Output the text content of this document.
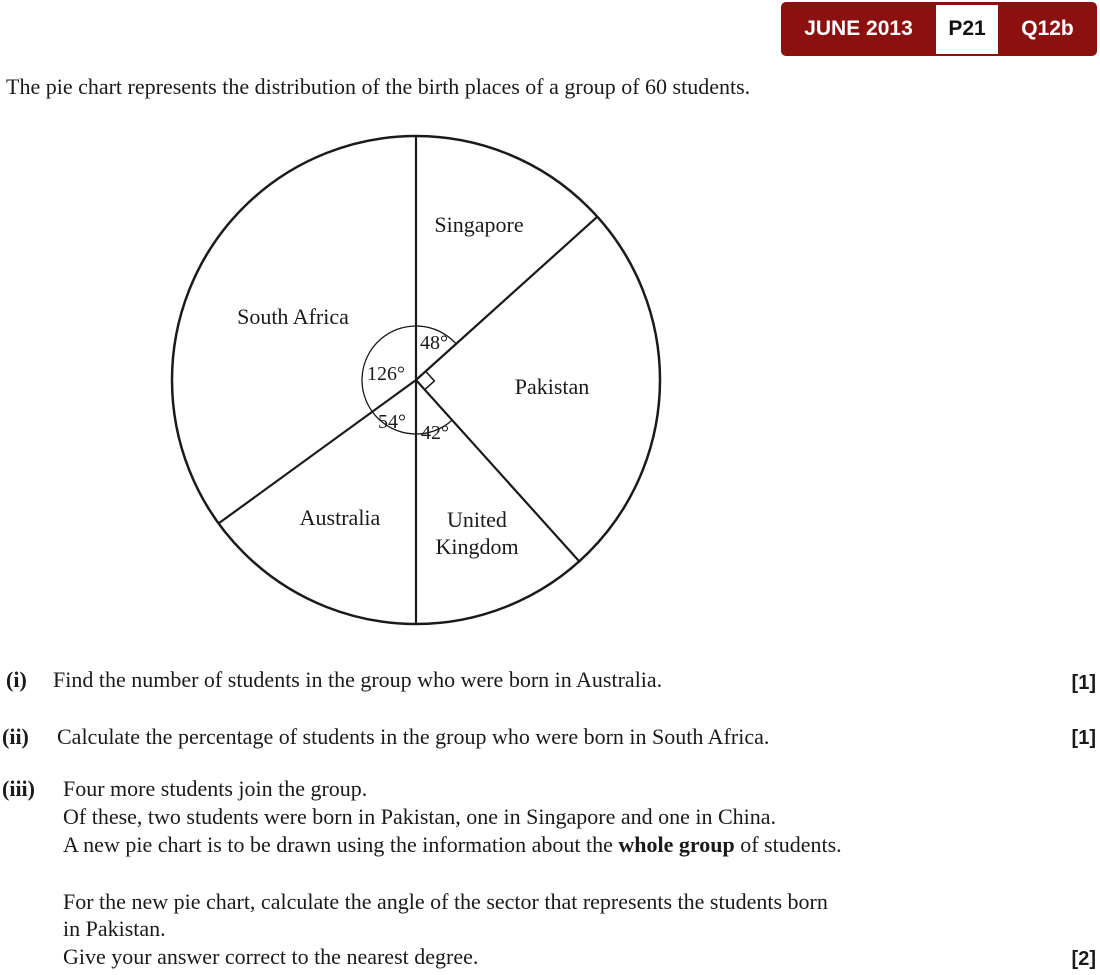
JUNE 2013	P21	Q12b
The pie chart represents the distribution of the birth places of a group of 60 students.
Singapore
Pakistan
United
Kingdom
Australia
South Africa
48°
126°
54° 42°
(i) Find the number of students in the group who were born in Australia.	[1]
(ii) Calculate the percentage of students in the group who were born in South Africa.	[1]
(iii) Four more students join the group.
Of these, two students were born in Pakistan, one in Singapore and one in China.
A new pie chart is to be drawn using the information about the whole group of students.
For the new pie chart, calculate the angle of the sector that represents the students born
in Pakistan.
Give your answer correct to the nearest degree.	[2]
